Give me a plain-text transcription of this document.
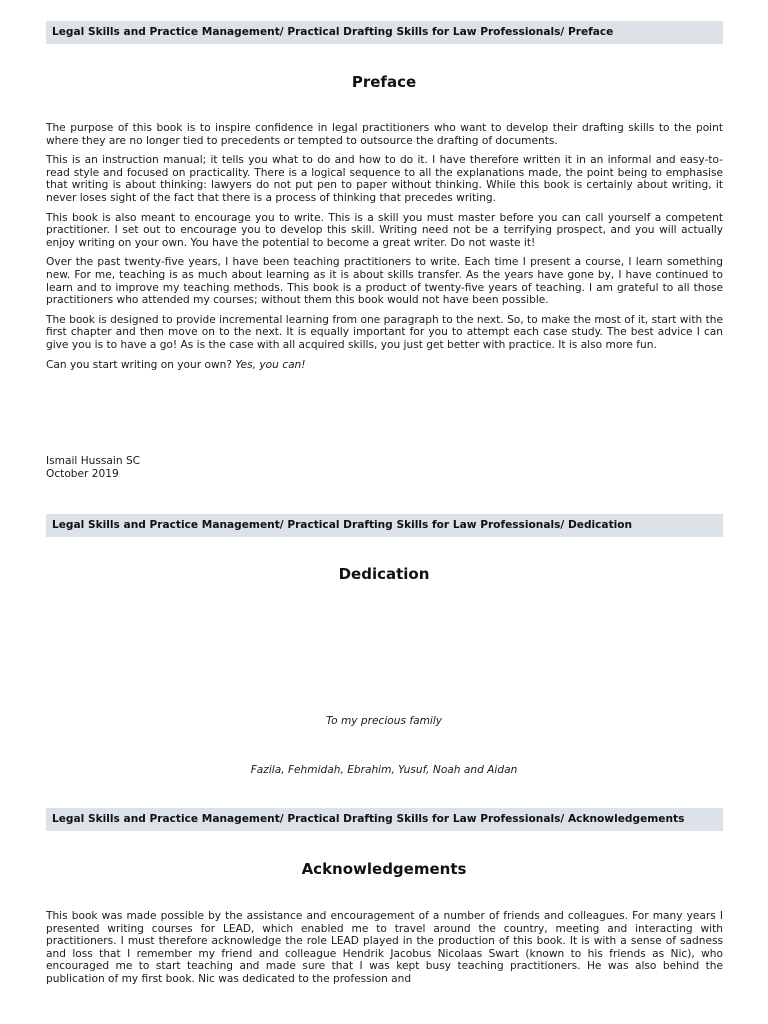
Legal Skills and Practice Management/ Practical Drafting Skills for Law Professionals/ Preface
Preface

The purpose of this book is to inspire confidence in legal practitioners who want to develop their drafting skills to the point where they are no longer tied to precedents or tempted to outsource the drafting of documents.

This is an instruction manual; it tells you what to do and how to do it. I have therefore written it in an informal and easy-to-read style and focused on practicality. There is a logical sequence to all the explanations made, the point being to emphasise that writing is about thinking: lawyers do not put pen to paper without thinking. While this book is certainly about writing, it never loses sight of the fact that there is a process of thinking that precedes writing.

This book is also meant to encourage you to write. This is a skill you must master before you can call yourself a competent practitioner. I set out to encourage you to develop this skill. Writing need not be a terrifying prospect, and you will actually enjoy writing on your own. You have the potential to become a great writer. Do not waste it!

Over the past twenty-five years, I have been teaching practitioners to write. Each time I present a course, I learn something new. For me, teaching is as much about learning as it is about skills transfer. As the years have gone by, I have continued to learn and to improve my teaching methods. This book is a product of twenty-five years of teaching. I am grateful to all those practitioners who attended my courses; without them this book would not have been possible.

The book is designed to provide incremental learning from one paragraph to the next. So, to make the most of it, start with the first chapter and then move on to the next. It is equally important for you to attempt each case study. The best advice I can give you is to have a go! As is the case with all acquired skills, you just get better with practice. It is also more fun.

Can you start writing on your own? Yes, you can!

Ismail Hussain SC
October 2019
Legal Skills and Practice Management/ Practical Drafting Skills for Law Professionals/ Dedication
Dedication
To my precious family
Fazila, Fehmidah, Ebrahim, Yusuf, Noah and Aidan
Legal Skills and Practice Management/ Practical Drafting Skills for Law Professionals/ Acknowledgements
Acknowledgements

This book was made possible by the assistance and encouragement of a number of friends and colleagues. For many years I presented writing courses for LEAD, which enabled me to travel around the country, meeting and interacting with practitioners. I must therefore acknowledge the role LEAD played in the production of this book. It is with a sense of sadness and loss that I remember my friend and colleague Hendrik Jacobus Nicolaas Swart (known to his friends as Nic), who encouraged me to start teaching and made sure that I was kept busy teaching practitioners. He was also behind the publication of my first book. Nic was dedicated to the profession and
